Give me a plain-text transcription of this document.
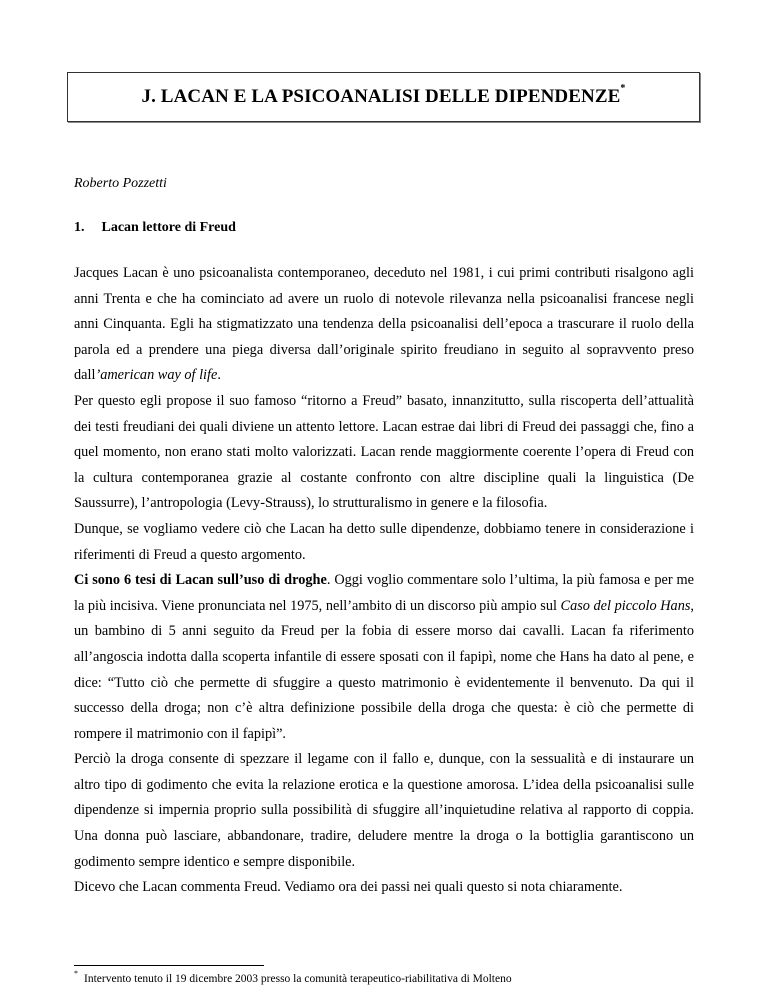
J. LACAN E LA PSICOANALISI DELLE DIPENDENZE*
Roberto Pozzetti
1. Lacan lettore di Freud

Jacques Lacan è uno psicoanalista contemporaneo, deceduto nel 1981, i cui primi contributi risalgono agli anni Trenta e che ha cominciato ad avere un ruolo di notevole rilevanza nella psicoanalisi francese negli anni Cinquanta. Egli ha stigmatizzato una tendenza della psicoanalisi dell’epoca a trascurare il ruolo della parola ed a prendere una piega diversa dall’originale spirito freudiano in seguito al sopravvento preso dall’american way of life.

Per questo egli propose il suo famoso “ritorno a Freud” basato, innanzitutto, sulla riscoperta dell’attualità dei testi freudiani dei quali diviene un attento lettore. Lacan estrae dai libri di Freud dei passaggi che, fino a quel momento, non erano stati molto valorizzati. Lacan rende maggiormente coerente l’opera di Freud con la cultura contemporanea grazie al costante confronto con altre discipline quali la linguistica (De Saussurre), l’antropologia (Levy-Strauss), lo strutturalismo in genere e la filosofia.

Dunque, se vogliamo vedere ciò che Lacan ha detto sulle dipendenze, dobbiamo tenere in considerazione i riferimenti di Freud a questo argomento.

Ci sono 6 tesi di Lacan sull’uso di droghe. Oggi voglio commentare solo l’ultima, la più famosa e per me la più incisiva. Viene pronunciata nel 1975, nell’ambito di un discorso più ampio sul Caso del piccolo Hans, un bambino di 5 anni seguito da Freud per la fobia di essere morso dai cavalli. Lacan fa riferimento all’angoscia indotta dalla scoperta infantile di essere sposati con il fapipì, nome che Hans ha dato al pene, e dice: “Tutto ciò che permette di sfuggire a questo matrimonio è evidentemente il benvenuto. Da qui il successo della droga; non c’è altra definizione possibile della droga che questa: è ciò che permette di rompere il matrimonio con il fapipì”.

Perciò la droga consente di spezzare il legame con il fallo e, dunque, con la sessualità e di instaurare un altro tipo di godimento che evita la relazione erotica e la questione amorosa. L’idea della psicoanalisi sulle dipendenze si impernia proprio sulla possibilità di sfuggire all’inquietudine relativa al rapporto di coppia. Una donna può lasciare, abbandonare, tradire, deludere mentre la droga o la bottiglia garantiscono un godimento sempre identico e sempre disponibile.

Dicevo che Lacan commenta Freud. Vediamo ora dei passi nei quali questo si nota chiaramente.

* Intervento tenuto il 19 dicembre 2003 presso la comunità terapeutico-riabilitativa di Molteno
